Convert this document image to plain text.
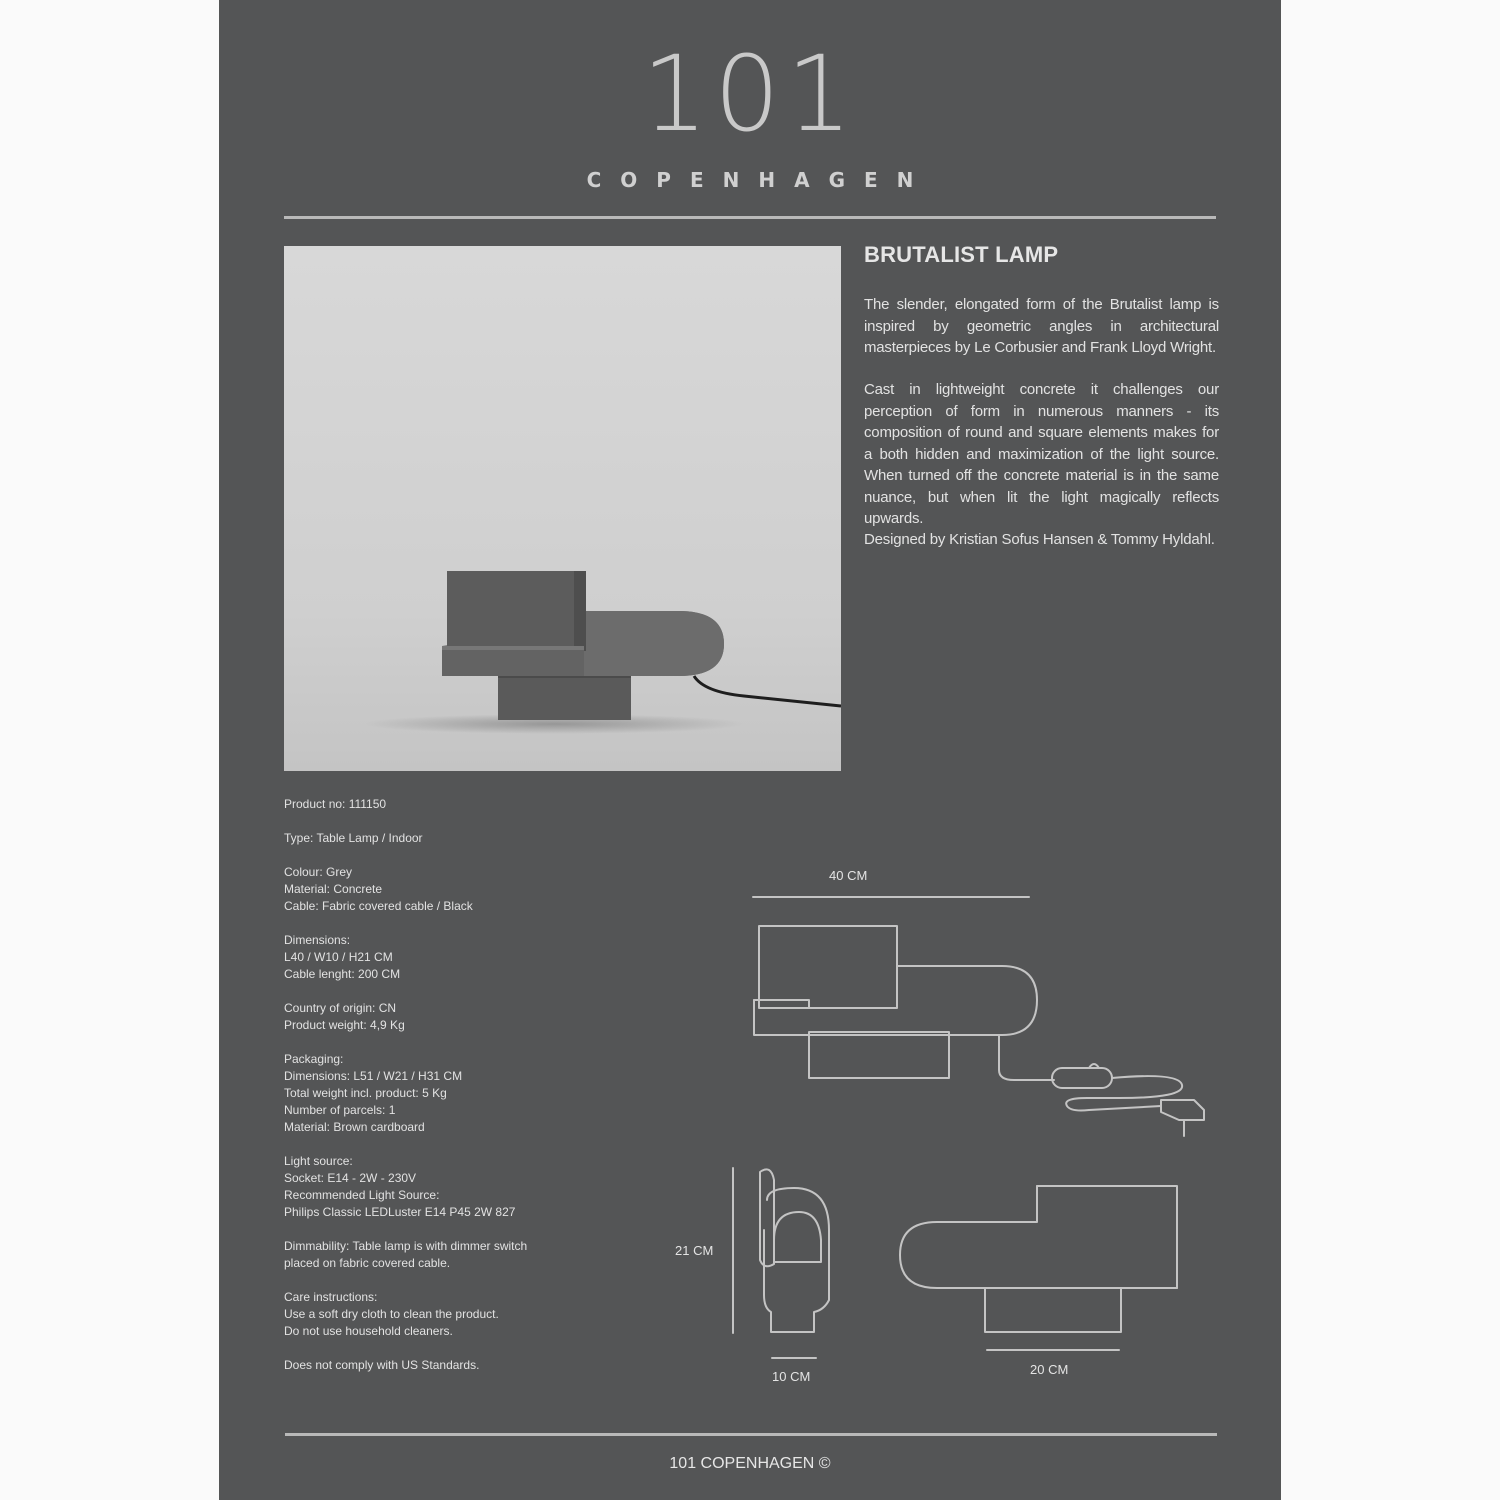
101
COPENHAGEN
BRUTALIST LAMP

The slender, elongated form of the Brutalist lamp is inspired by geometric angles in architectural masterpieces by Le Corbusier and Frank Lloyd Wright.

Cast in lightweight concrete it challenges our perception of form in numerous manners - its composition of round and square elements makes for a both hidden and maximization of the light source. When turned off the concrete material is in the same nuance, but when lit the light magically reflects upwards.

Designed by Kristian Sofus Hansen & Tommy Hyldahl.

Product no: 111150
Type: Table Lamp / Indoor
Colour: Grey
Material: Concrete
Cable: Fabric covered cable / Black
Dimensions:
L40 / W10 / H21 CM
Cable lenght: 200 CM
Country of origin: CN
Product weight: 4,9 Kg
Packaging:
Dimensions: L51 / W21 / H31 CM
Total weight incl. product: 5 Kg
Number of parcels: 1
Material: Brown cardboard
Light source:
Socket: E14 - 2W - 230V
Recommended Light Source:
Philips Classic LEDLuster E14 P45 2W 827
Dimmability: Table lamp is with dimmer switch
placed on fabric covered cable.
Care instructions:
Use a soft dry cloth to clean the product.
Do not use household cleaners.
Does not comply with US Standards.
40 CM
21 CM
10 CM	20 CM
101 COPENHAGEN ©
